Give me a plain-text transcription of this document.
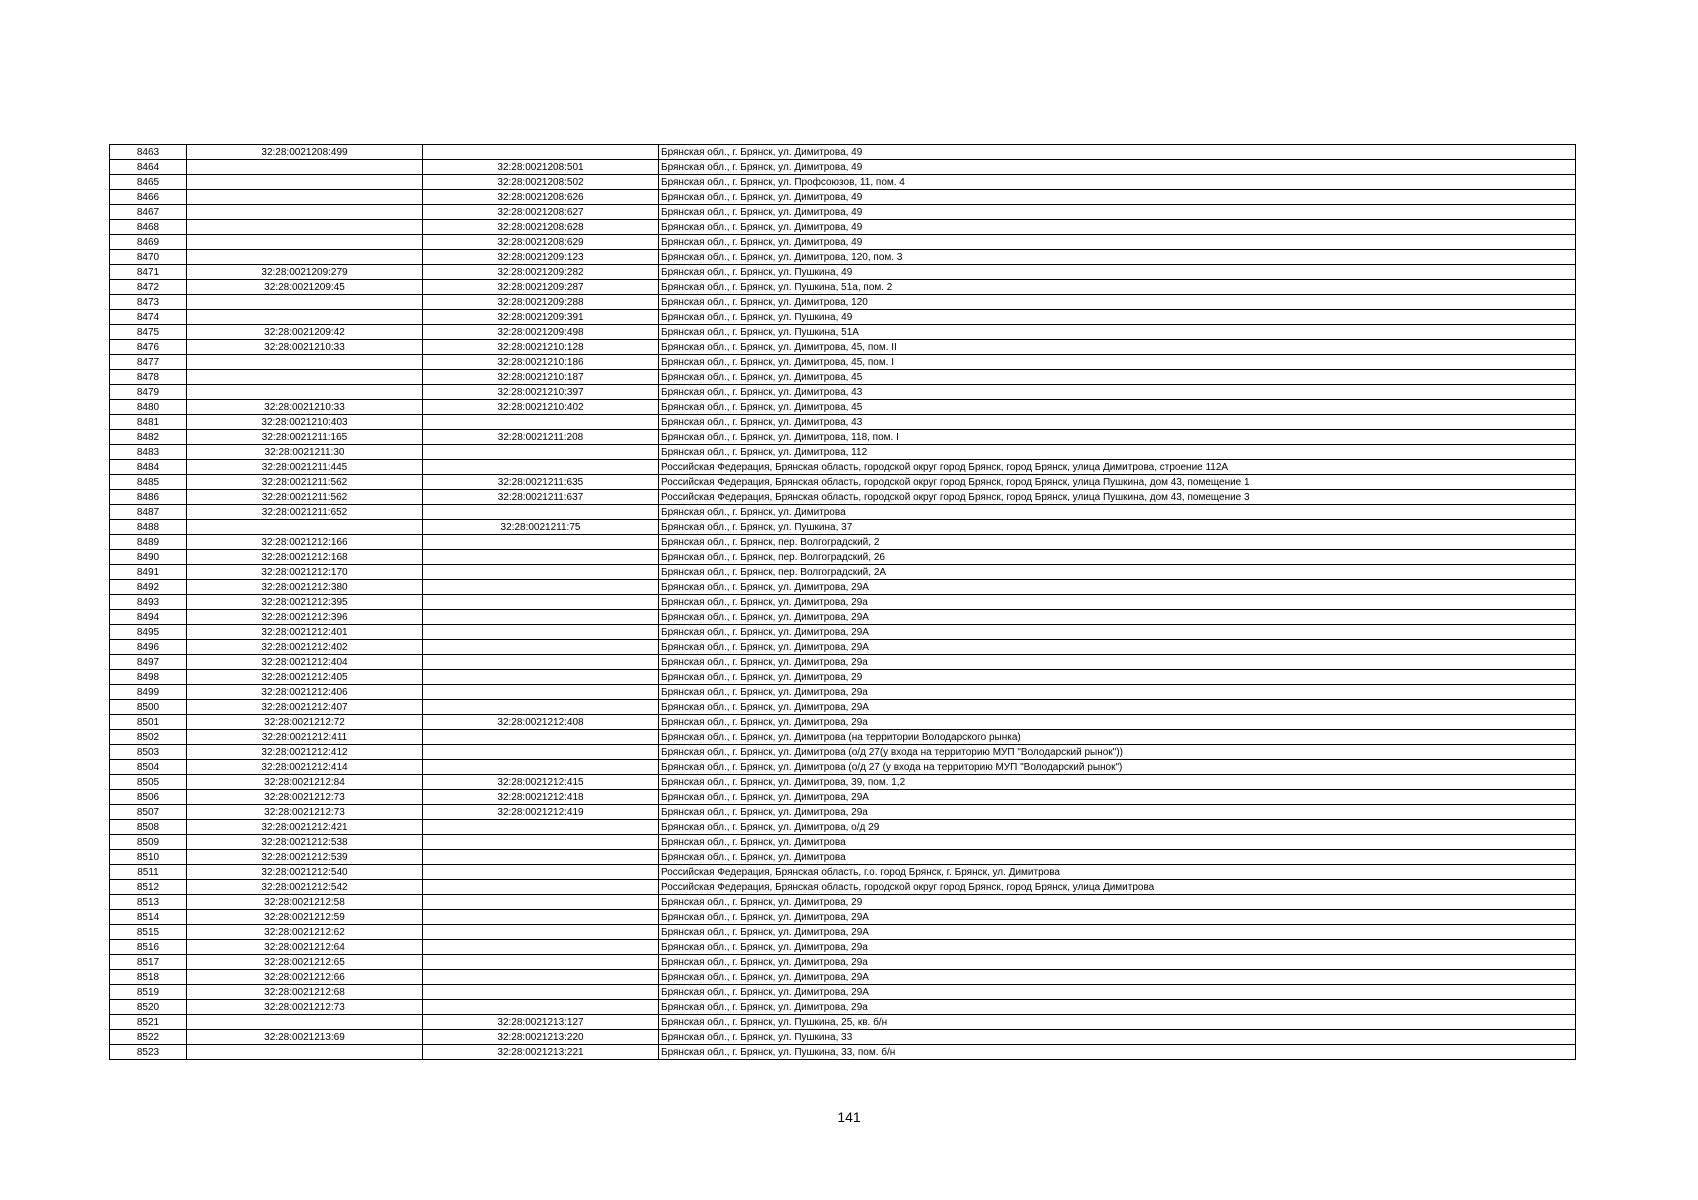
8463	32:28:0021208:499		Брянская обл., г. Брянск, ул. Димитрова, 49
8464		32:28:0021208:501	Брянская обл., г. Брянск, ул. Димитрова, 49
8465		32:28:0021208:502	Брянская обл., г. Брянск, ул. Профсоюзов, 11, пом. 4
8466		32:28:0021208:626	Брянская обл., г. Брянск, ул. Димитрова, 49
8467		32:28:0021208:627	Брянская обл., г. Брянск, ул. Димитрова, 49
8468		32:28:0021208:628	Брянская обл., г. Брянск, ул. Димитрова, 49
8469		32:28:0021208:629	Брянская обл., г. Брянск, ул. Димитрова, 49
8470		32:28:0021209:123	Брянская обл., г. Брянск, ул. Димитрова, 120, пом. 3
8471	32:28:0021209:279	32:28:0021209:282	Брянская обл., г. Брянск, ул. Пушкина, 49
8472	32:28:0021209:45	32:28:0021209:287	Брянская обл., г. Брянск, ул. Пушкина, 51а, пом. 2
8473		32:28:0021209:288	Брянская обл., г. Брянск, ул. Димитрова, 120
8474		32:28:0021209:391	Брянская обл., г. Брянск, ул. Пушкина, 49
8475	32:28:0021209:42	32:28:0021209:498	Брянская обл., г. Брянск, ул. Пушкина, 51А
8476	32:28:0021210:33	32:28:0021210:128	Брянская обл., г. Брянск, ул. Димитрова, 45, пом. II
8477		32:28:0021210:186	Брянская обл., г. Брянск, ул. Димитрова, 45, пом. I
8478		32:28:0021210:187	Брянская обл., г. Брянск, ул. Димитрова, 45
8479		32:28:0021210:397	Брянская обл., г. Брянск, ул. Димитрова, 43
8480	32:28:0021210:33	32:28:0021210:402	Брянская обл., г. Брянск, ул. Димитрова, 45
8481	32:28:0021210:403		Брянская обл., г. Брянск, ул. Димитрова, 43
8482	32:28:0021211:165	32:28:0021211:208	Брянская обл., г. Брянск, ул. Димитрова, 118, пом. I
8483	32:28:0021211:30		Брянская обл., г. Брянск, ул. Димитрова, 112
8484	32:28:0021211:445		Российская Федерация, Брянская область, городской округ город Брянск, город Брянск, улица Димитрова, строение 112А
8485	32:28:0021211:562	32:28:0021211:635	Российская Федерация, Брянская область, городской округ город Брянск, город Брянск, улица Пушкина, дом 43, помещение 1
8486	32:28:0021211:562	32:28:0021211:637	Российская Федерация, Брянская область, городской округ город Брянск, город Брянск, улица Пушкина, дом 43, помещение 3
8487	32:28:0021211:652		Брянская обл., г. Брянск, ул. Димитрова
8488		32:28:0021211:75	Брянская обл., г. Брянск, ул. Пушкина, 37
8489	32:28:0021212:166		Брянская обл., г. Брянск, пер. Волгоградский, 2
8490	32:28:0021212:168		Брянская обл., г. Брянск, пер. Волгоградский, 26
8491	32:28:0021212:170		Брянская обл., г. Брянск, пер. Волгоградский, 2А
8492	32:28:0021212:380		Брянская обл., г. Брянск, ул. Димитрова, 29А
8493	32:28:0021212:395		Брянская обл., г. Брянск, ул. Димитрова, 29а
8494	32:28:0021212:396		Брянская обл., г. Брянск, ул. Димитрова, 29А
8495	32:28:0021212:401		Брянская обл., г. Брянск, ул. Димитрова, 29А
8496	32:28:0021212:402		Брянская обл., г. Брянск, ул. Димитрова, 29А
8497	32:28:0021212:404		Брянская обл., г. Брянск, ул. Димитрова, 29а
8498	32:28:0021212:405		Брянская обл., г. Брянск, ул. Димитрова, 29
8499	32:28:0021212:406		Брянская обл., г. Брянск, ул. Димитрова, 29а
8500	32:28:0021212:407		Брянская обл., г. Брянск, ул. Димитрова, 29А
8501	32:28:0021212:72	32:28:0021212:408	Брянская обл., г. Брянск, ул. Димитрова, 29а
8502	32:28:0021212:411		Брянская обл., г. Брянск, ул. Димитрова (на территории Володарского рынка)
8503	32:28:0021212:412		Брянская обл., г. Брянск, ул. Димитрова (о/д 27(у входа на территорию МУП "Володарский рынок"))
8504	32:28:0021212:414		Брянская обл., г. Брянск, ул. Димитрова (о/д 27 (у входа на территорию МУП "Володарский рынок")
8505	32:28:0021212:84	32:28:0021212:415	Брянская обл., г. Брянск, ул. Димитрова, 39, пом. 1,2
8506	32:28:0021212:73	32:28:0021212:418	Брянская обл., г. Брянск, ул. Димитрова, 29А
8507	32:28:0021212:73	32:28:0021212:419	Брянская обл., г. Брянск, ул. Димитрова, 29а
8508	32:28:0021212:421		Брянская обл., г. Брянск, ул. Димитрова, о/д 29
8509	32:28:0021212:538		Брянская обл., г. Брянск, ул. Димитрова
8510	32:28:0021212:539		Брянская обл., г. Брянск, ул. Димитрова
8511	32:28:0021212:540		Российская Федерация, Брянская область, г.о. город Брянск, г. Брянск, ул. Димитрова
8512	32:28:0021212:542		Российская Федерация, Брянская область, городской округ город Брянск, город Брянск, улица Димитрова
8513	32:28:0021212:58		Брянская обл., г. Брянск, ул. Димитрова, 29
8514	32:28:0021212:59		Брянская обл., г. Брянск, ул. Димитрова, 29А
8515	32:28:0021212:62		Брянская обл., г. Брянск, ул. Димитрова, 29А
8516	32:28:0021212:64		Брянская обл., г. Брянск, ул. Димитрова, 29а
8517	32:28:0021212:65		Брянская обл., г. Брянск, ул. Димитрова, 29а
8518	32:28:0021212:66		Брянская обл., г. Брянск, ул. Димитрова, 29А
8519	32:28:0021212:68		Брянская обл., г. Брянск, ул. Димитрова, 29А
8520	32:28:0021212:73		Брянская обл., г. Брянск, ул. Димитрова, 29а
8521		32:28:0021213:127	Брянская обл., г. Брянск, ул. Пушкина, 25, кв. б/н
8522	32:28:0021213:69	32:28:0021213:220	Брянская обл., г. Брянск, ул. Пушкина, 33
8523		32:28:0021213:221	Брянская обл., г. Брянск, ул. Пушкина, 33, пом. б/н
141
